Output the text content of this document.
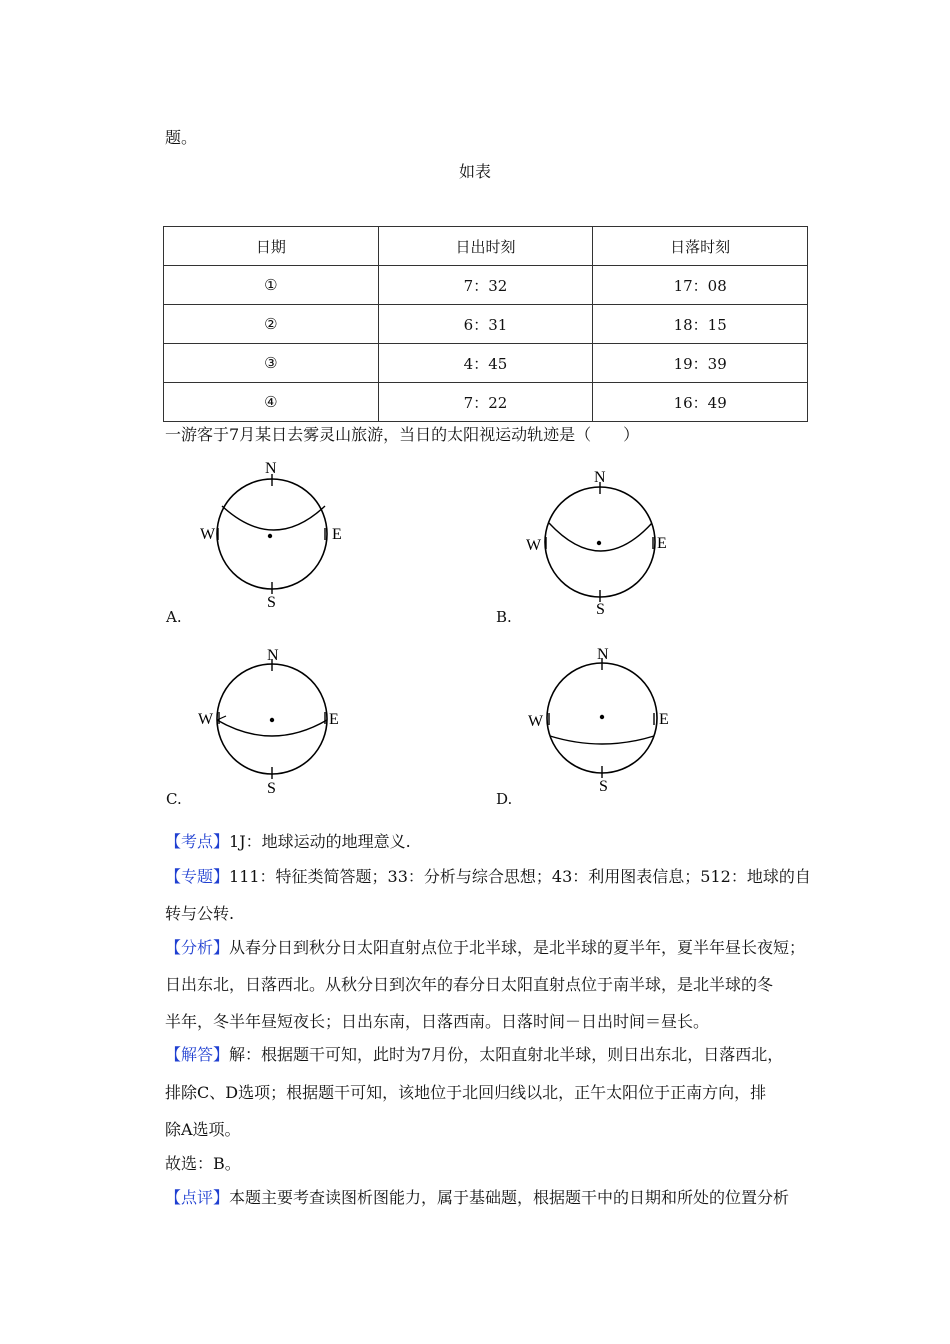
题。
如表
日期	日出时刻	日落时刻
①	7：32	17：08
②	6：31	18：15
③	4：45	19：39
④	7：22	16：49
一游客于7月某日去雾灵山旅游，当日的太阳视运动轨迹是（　　）
N
S
W	E
A.
N
S
W	E
B.
N
S
W	E
C.
N
S
W	E
D.
【考点】1J：地球运动的地理意义.
【专题】111：特征类简答题；33：分析与综合思想；43：利用图表信息；512：地球的自
转与公转.
【分析】从春分日到秋分日太阳直射点位于北半球，是北半球的夏半年，夏半年昼长夜短；
日出东北，日落西北。从秋分日到次年的春分日太阳直射点位于南半球，是北半球的冬
半年，冬半年昼短夜长；日出东南，日落西南。日落时间－日出时间＝昼长。
【解答】解：根据题干可知，此时为7月份，太阳直射北半球，则日出东北，日落西北，
排除C、D选项；根据题干可知，该地位于北回归线以北，正午太阳位于正南方向，排
除A选项。
故选：B。
【点评】本题主要考查读图析图能力，属于基础题，根据题干中的日期和所处的位置分析
